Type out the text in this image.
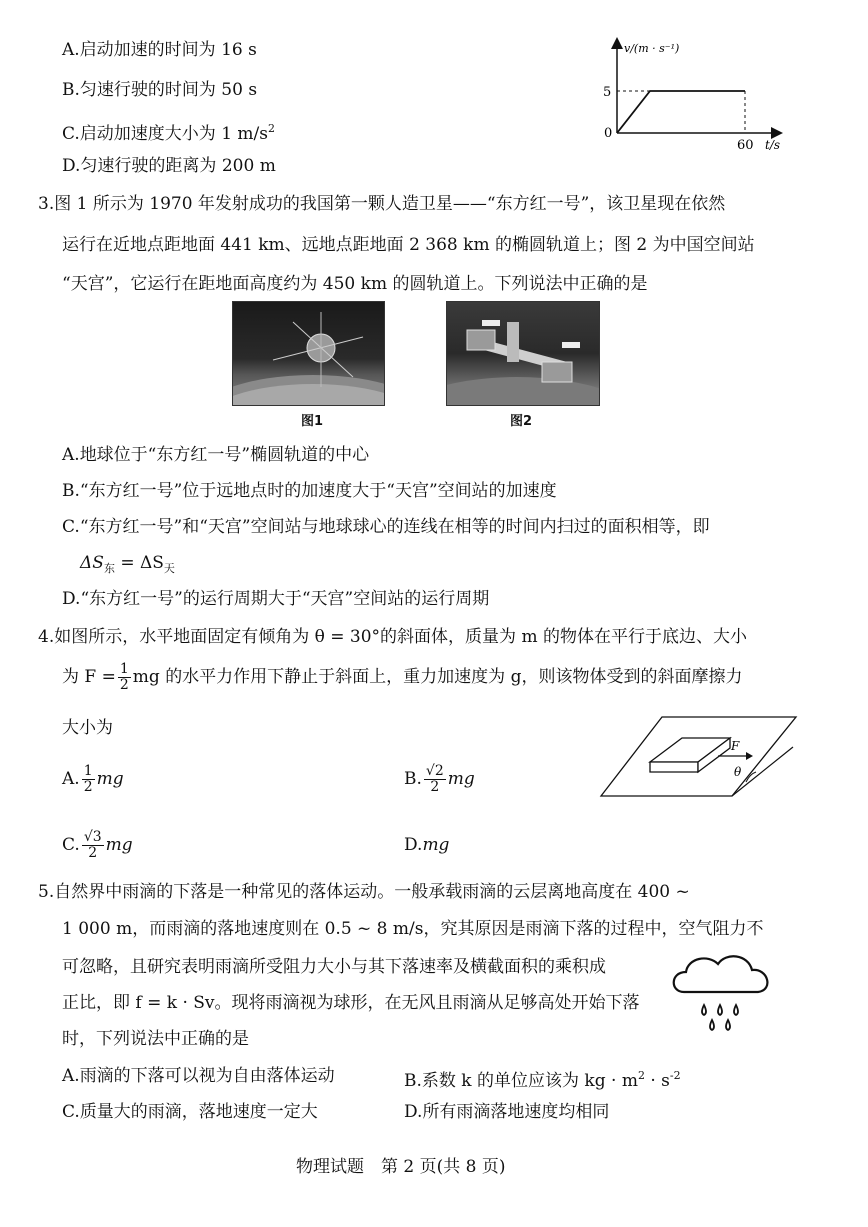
A.启动加速的时间为 16 s
B.匀速行驶的时间为 50 s
C.启动加速度大小为 1 $m/s^2$
D.匀速行驶的距离为 200 m
v/(m · s⁻¹)
5
0
60 t/s
3.图 1 所示为 1970 年发射成功的我国第一颗人造卫星——“东方红一号”，该卫星现在依然
运行在近地点距地面 441 km、远地点距地面 2 368 km 的椭圆轨道上；图 2 为中国空间站
“天宫”，它运行在距地面高度约为 450 km 的圆轨道上。下列说法中正确的是
图1	图2
A.地球位于“东方红一号”椭圆轨道的中心
B.“东方红一号”位于远地点时的加速度大于“天宫”空间站的加速度
C.“东方红一号”和“天宫”空间站与地球球心的连线在相等的时间内扫过的面积相等，即
$\Delta S_东 = \Delta S_天$
D.“东方红一号”的运行周期大于“天宫”空间站的运行周期
4.如图所示，水平地面固定有倾角为 θ = 30°的斜面体，质量为 m 的物体在平行于底边、大小
为 $F = \frac{1}{2}$ mg 的水平力作用下静止于斜面上，重力加速度为 g，则该物体受到的斜面摩擦力
大小为
A. $\frac{1}{2}$ mg	B. $\frac{√2}{2}$ mg
C. $\frac{√3}{2}$ mg	D.mg
F
θ
5.自然界中雨滴的下落是一种常见的落体运动。一般承载雨滴的云层离地高度在 400 ~
1 000 m，而雨滴的落地速度则在 0.5 ~ 8 m/s，究其原因是雨滴下落的过程中，空气阻力不
可忽略，且研究表明雨滴所受阻力大小与其下落速率及横截面积的乘积成
正比，即 f = k · Sv。现将雨滴视为球形，在无风且雨滴从足够高处开始下落
时，下列说法中正确的是
A.雨滴的下落可以视为自由落体运动	B.系数 k 的单位应该为 kg · $m^2 \cdot s^{-2}$
C.质量大的雨滴，落地速度一定大	D.所有雨滴落地速度均相同
物理试题　第 2 页(共 8 页)
